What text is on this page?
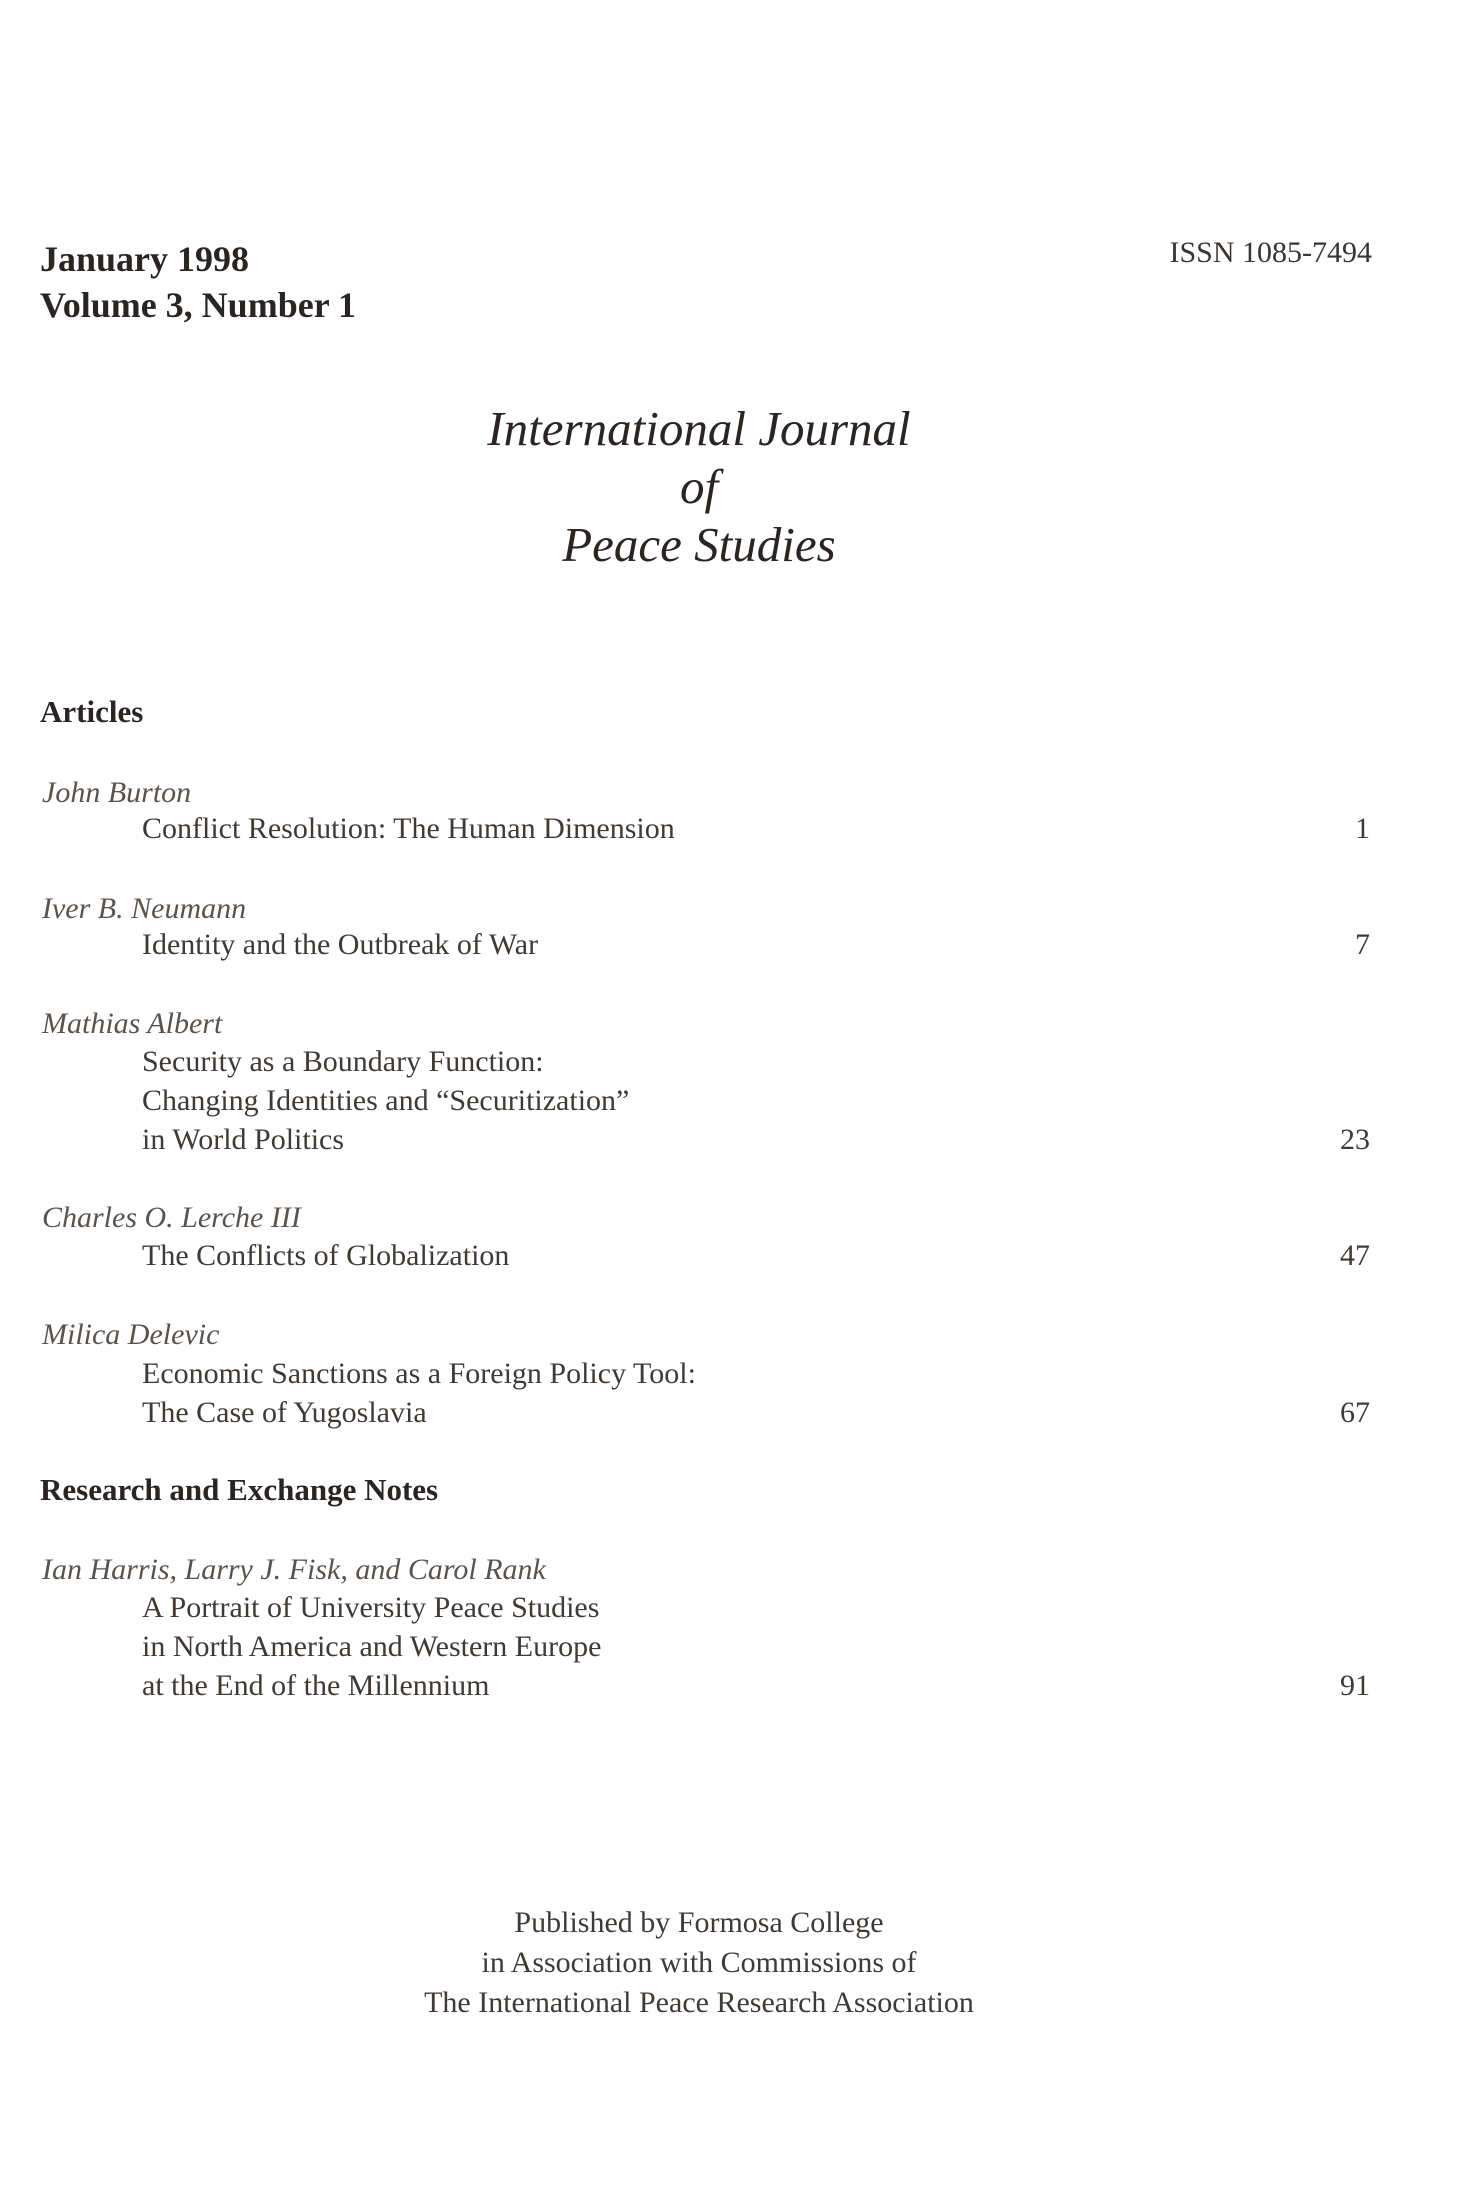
January 1998
Volume 3, Number 1
ISSN 1085-7494
International Journal
of
Peace Studies
Articles
John Burton
Conflict Resolution: The Human Dimension	1
Iver B. Neumann
Identity and the Outbreak of War	7
Mathias Albert
Security as a Boundary Function:
Changing Identities and “Securitization”
in World Politics	23
Charles O. Lerche III
The Conflicts of Globalization	47
Milica Delevic
Economic Sanctions as a Foreign Policy Tool:
The Case of Yugoslavia	67
Research and Exchange Notes
Ian Harris, Larry J. Fisk, and Carol Rank
A Portrait of University Peace Studies
in North America and Western Europe
at the End of the Millennium	91
Published by Formosa College
in Association with Commissions of
The International Peace Research Association
